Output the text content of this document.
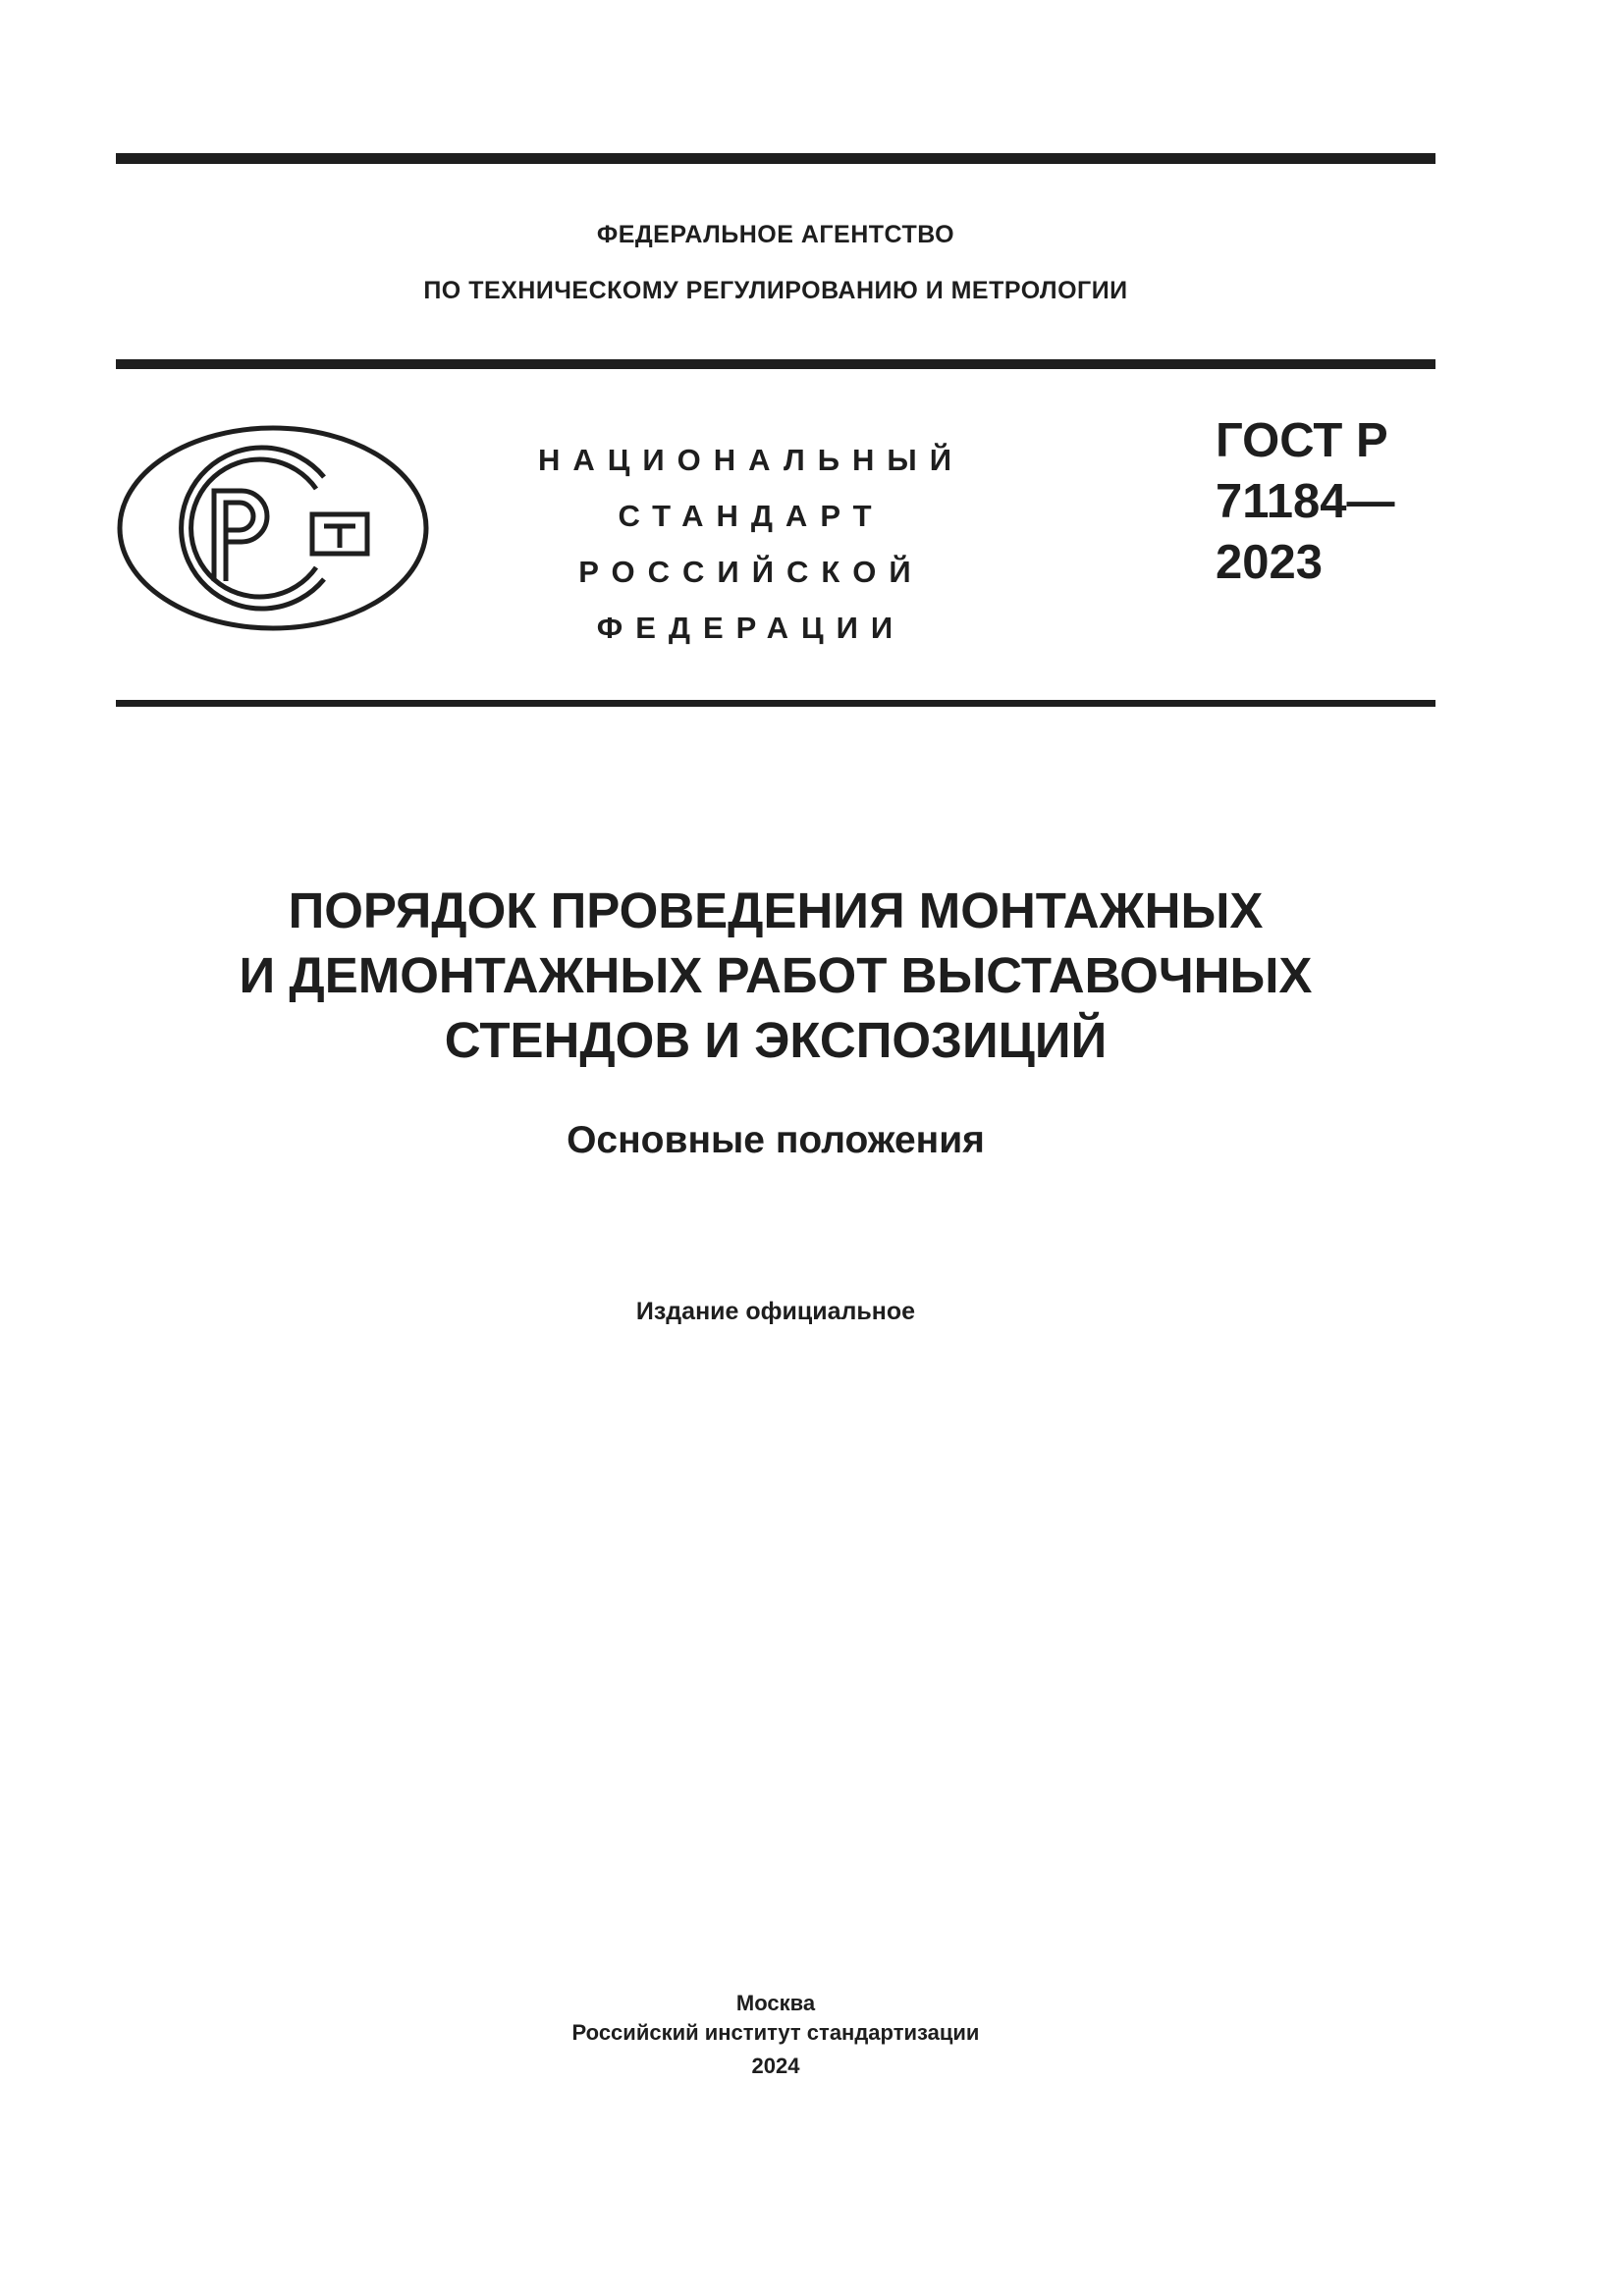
ФЕДЕРАЛЬНОЕ АГЕНТСТВО
ПО ТЕХНИЧЕСКОМУ РЕГУЛИРОВАНИЮ И МЕТРОЛОГИИ
НАЦИОНАЛЬНЫЙ
СТАНДАРТ
РОССИЙСКОЙ
ФЕДЕРАЦИИ
ГОСТ Р
71184—
2023
ПОРЯДОК ПРОВЕДЕНИЯ МОНТАЖНЫХ
И ДЕМОНТАЖНЫХ РАБОТ ВЫСТАВОЧНЫХ
СТЕНДОВ И ЭКСПОЗИЦИЙ
Основные положения
Издание официальное
Москва
Российский институт стандартизации
2024
